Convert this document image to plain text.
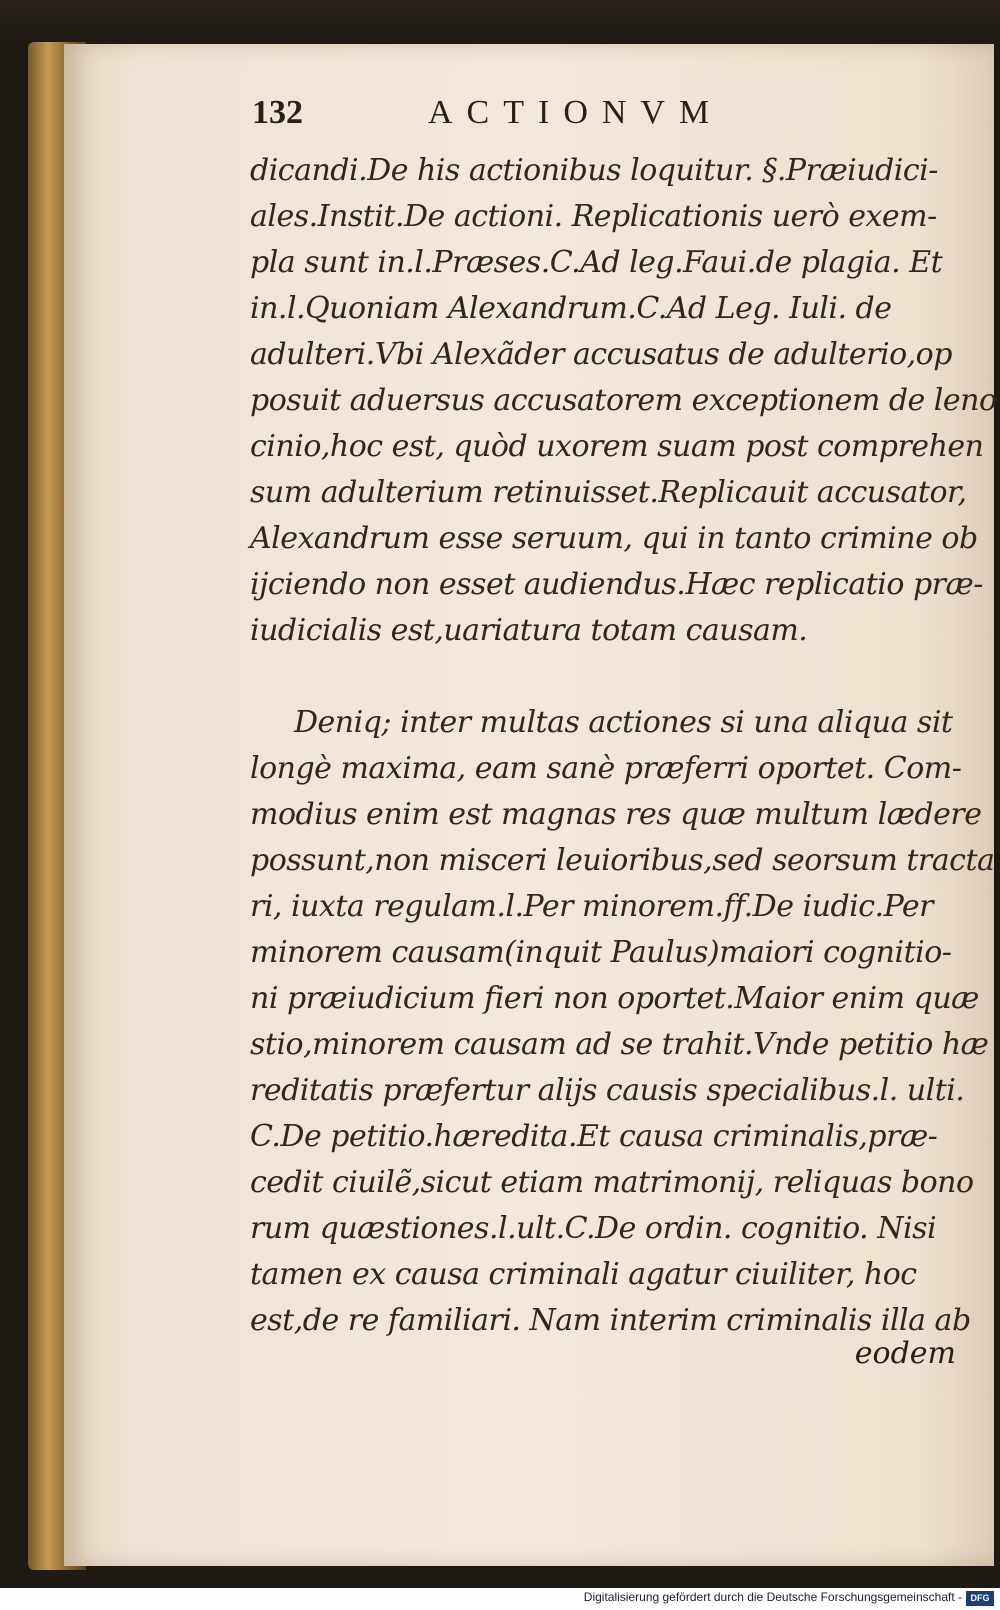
132	ACTIONVM
dicandi.De his actionibus loquitur. §.Præiudici-
ales.Instit.De actioni. Replicationis uerò exem-
pla sunt in.l.Præses.C.Ad leg.Faui.de plagia. Et
in.l.Quoniam Alexandrum.C.Ad Leg. Iuli. de
adulteri.Vbi Alexãder accusatus de adulterio,op
posuit aduersus accusatorem exceptionem de leno
cinio,hoc est, quòd uxorem suam post comprehen
sum adulterium retinuisset.Replicauit accusator,
Alexandrum esse seruum, qui in tanto crimine ob
ijciendo non esset audiendus.Hæc replicatio præ-
iudicialis est,uariatura totam causam.
Deniq; inter multas actiones si una aliqua sit
longè maxima, eam sanè præferri oportet. Com-
modius enim est magnas res quæ multum lædere
possunt,non misceri leuioribus,sed seorsum tracta
ri, iuxta regulam.l.Per minorem.ff.De iudic.Per
minorem causam(inquit Paulus)maiori cognitio-
ni præiudicium fieri non oportet.Maior enim quæ
stio,minorem causam ad se trahit.Vnde petitio hæ
reditatis præfertur alijs causis specialibus.l. ulti.
C.De petitio.hæredita.Et causa criminalis,præ-
cedit ciuilẽ,sicut etiam matrimonij, reliquas bono
rum quæstiones.l.ult.C.De ordin. cognitio. Nisi
tamen ex causa criminali agatur ciuiliter, hoc
est,de re familiari. Nam interim criminalis illa ab
eodem
Digitalisierung gefördert durch die Deutsche Forschungsgemeinschaft - DFG
